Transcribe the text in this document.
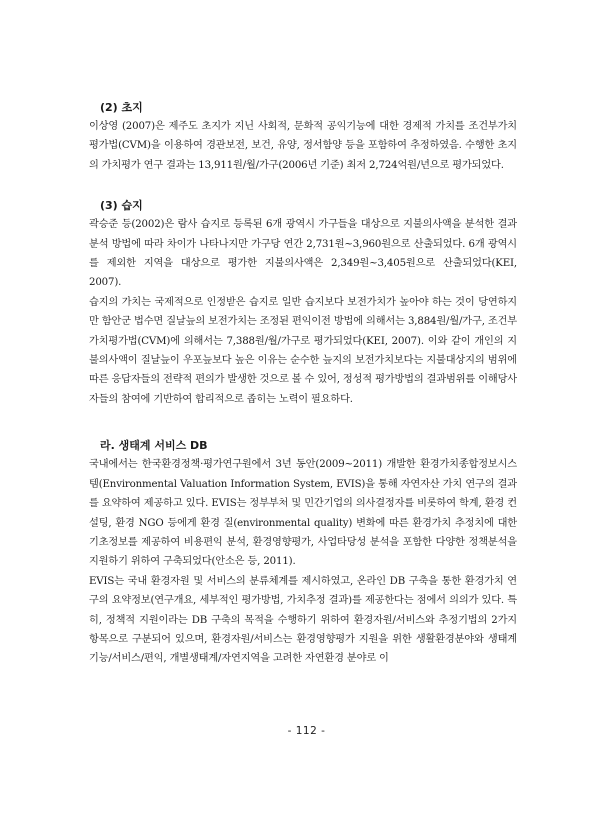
(2) 초지

이상영 (2007)은 제주도 초지가 지닌 사회적, 문화적 공익기능에 대한 경제적 가치를 조건부가치평가법(CVM)을 이용하여 경관보전, 보건, 유양, 정서함양 등을 포함하여 추정하였음. 수행한 초지의 가치평가 연구 결과는 13,911원/월/가구(2006년 기준) 최저 2,724억원/년으로 평가되었다.

(3) 습지

곽승준 등(2002)은 람사 습지로 등록된 6개 광역시 가구들을 대상으로 지불의사액을 분석한 결과 분석 방법에 따라 차이가 나타나지만 가구당 연간 2,731원~3,960원으로 산출되었다. 6개 광역시를 제외한 지역을 대상으로 평가한 지불의사액은 2,349원~3,405원으로 산출되었다(KEI, 2007).

습지의 가치는 국제적으로 인정받은 습지로 일반 습지보다 보전가치가 높아야 하는 것이 당연하지만 함안군 법수면 질날늪의 보전가치는 조정된 편익이전 방법에 의해서는 3,884원/월/가구, 조건부가치평가법(CVM)에 의해서는 7,388원/월/가구로 평가되었다(KEI, 2007). 이와 같이 개인의 지불의사액이 질날늪이 우포늪보다 높은 이유는 순수한 늪지의 보전가치보다는 지불대상지의 범위에 따른 응답자들의 전략적 편의가 발생한 것으로 볼 수 있어, 정성적 평가방법의 결과범위를 이해당사자들의 참여에 기반하여 합리적으로 좁히는 노력이 필요하다.

라. 생태계 서비스 DB

국내에서는 한국환경정책·평가연구원에서 3년 동안(2009~2011) 개발한 환경가치종합정보시스템(Environmental Valuation Information System, EVIS)을 통해 자연자산 가치 연구의 결과를 요약하여 제공하고 있다. EVIS는 정부부처 및 민간기업의 의사결정자를 비롯하여 학계, 환경 컨설팅, 환경 NGO 등에게 환경 질(environmental quality) 변화에 따른 환경가치 추정치에 대한 기초정보를 제공하여 비용편익 분석, 환경영향평가, 사업타당성 분석을 포함한 다양한 정책분석을 지원하기 위하여 구축되었다(안소은 등, 2011).

EVIS는 국내 환경자원 및 서비스의 분류체계를 제시하였고, 온라인 DB 구축을 통한 환경가치 연구의 요약정보(연구개요, 세부적인 평가방법, 가치추정 결과)를 제공한다는 점에서 의의가 있다. 특히, 정책적 지원이라는 DB 구축의 목적을 수행하기 위하여 환경자원/서비스와 추정기법의 2가지 항목으로 구분되어 있으며, 환경자원/서비스는 환경영향평가 지원을 위한 생활환경분야와 생태계 기능/서비스/편익, 개별생태계/자연지역을 고려한 자연환경 분야로 이

- 112 -
